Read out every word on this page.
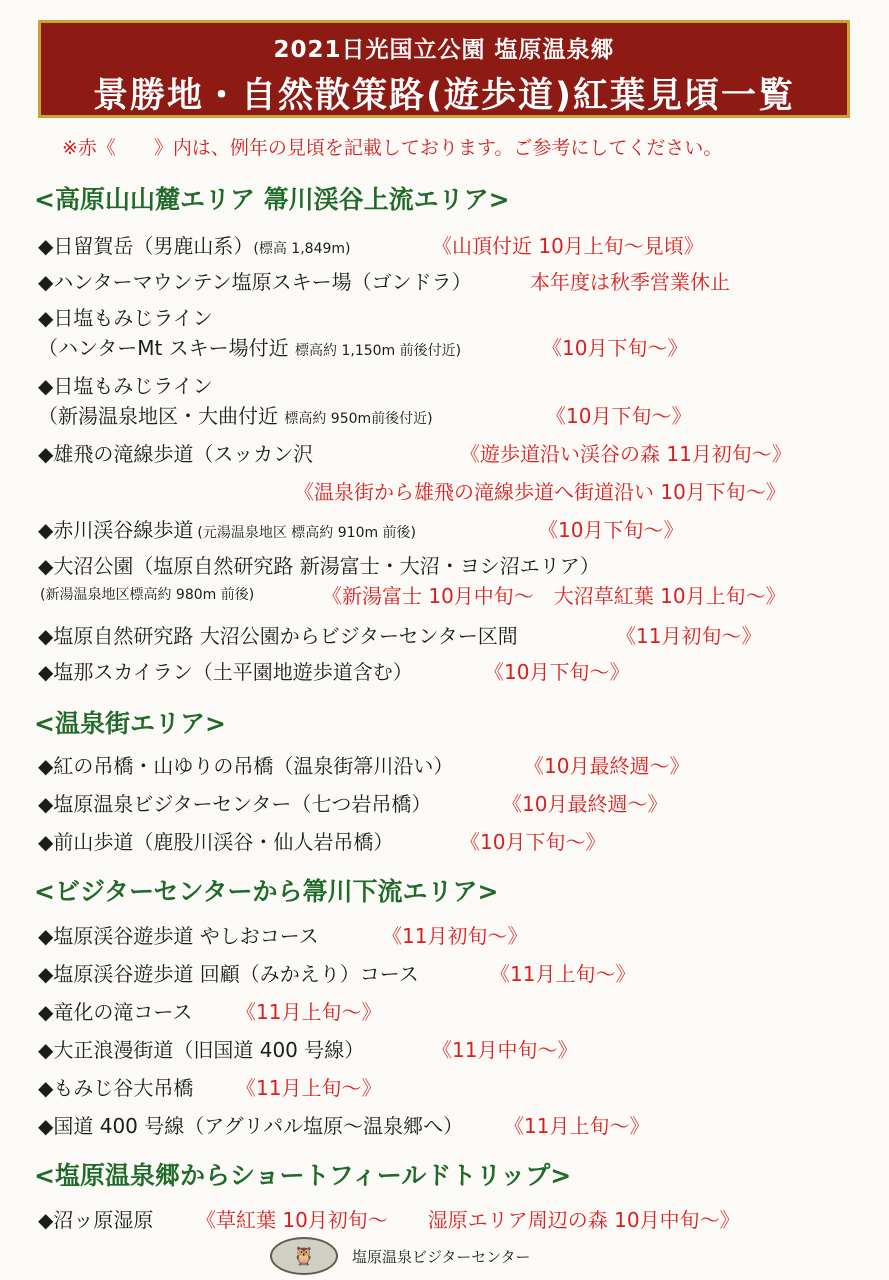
2021日光国立公園 塩原温泉郷
景勝地・自然散策路(遊歩道)紅葉見頃一覧
※赤《　　》内は、例年の見頃を記載しております。ご参考にしてください。
<高原山山麓エリア 箒川渓谷上流エリア>
◆日留賀岳（男鹿山系）(標高 1,849m)	《山頂付近 10月上旬～見頃》
◆ハンターマウンテン塩原スキー場（ゴンドラ）	本年度は秋季営業休止
◆日塩もみじライン
（ハンターMt スキー場付近 標高約 1,150m 前後付近)	《10月下旬～》
◆日塩もみじライン
（新湯温泉地区・大曲付近 標高約 950m前後付近)	《10月下旬～》
◆雄飛の滝線歩道（スッカン沢	《遊歩道沿い渓谷の森 11月初旬～》
《温泉街から雄飛の滝線歩道へ街道沿い 10月下旬～》
◆赤川渓谷線歩道 (元湯温泉地区 標高約 910m 前後)	《10月下旬～》
◆大沼公園（塩原自然研究路 新湯富士・大沼・ヨシ沼エリア）
(新湯温泉地区標高約 980m 前後)	《新湯富士 10月中旬～　大沼草紅葉 10月上旬～》
◆塩原自然研究路 大沼公園からビジターセンター区間	《11月初旬～》
◆塩那スカイラン（土平園地遊歩道含む）	《10月下旬～》
<温泉街エリア>
◆紅の吊橋・山ゆりの吊橋（温泉街箒川沿い）	《10月最終週～》
◆塩原温泉ビジターセンター（七つ岩吊橋）	《10月最終週～》
◆前山歩道（鹿股川渓谷・仙人岩吊橋）	《10月下旬～》
<ビジターセンターから箒川下流エリア>
◆塩原渓谷遊歩道 やしおコース	《11月初旬～》
◆塩原渓谷遊歩道 回顧（みかえり）コース	《11月上旬～》
◆竜化の滝コース 《11月上旬～》
◆大正浪漫街道（旧国道 400 号線）	《11月中旬～》
◆もみじ谷大吊橋 《11月上旬～》
◆国道 400 号線（アグリパル塩原～温泉郷へ） 《11月上旬～》
<塩原温泉郷からショートフィールドトリップ>
◆沼ッ原湿原 《草紅葉 10月初旬～　　湿原エリア周辺の森 10月中旬～》
🦉	塩原温泉ビジターセンター
